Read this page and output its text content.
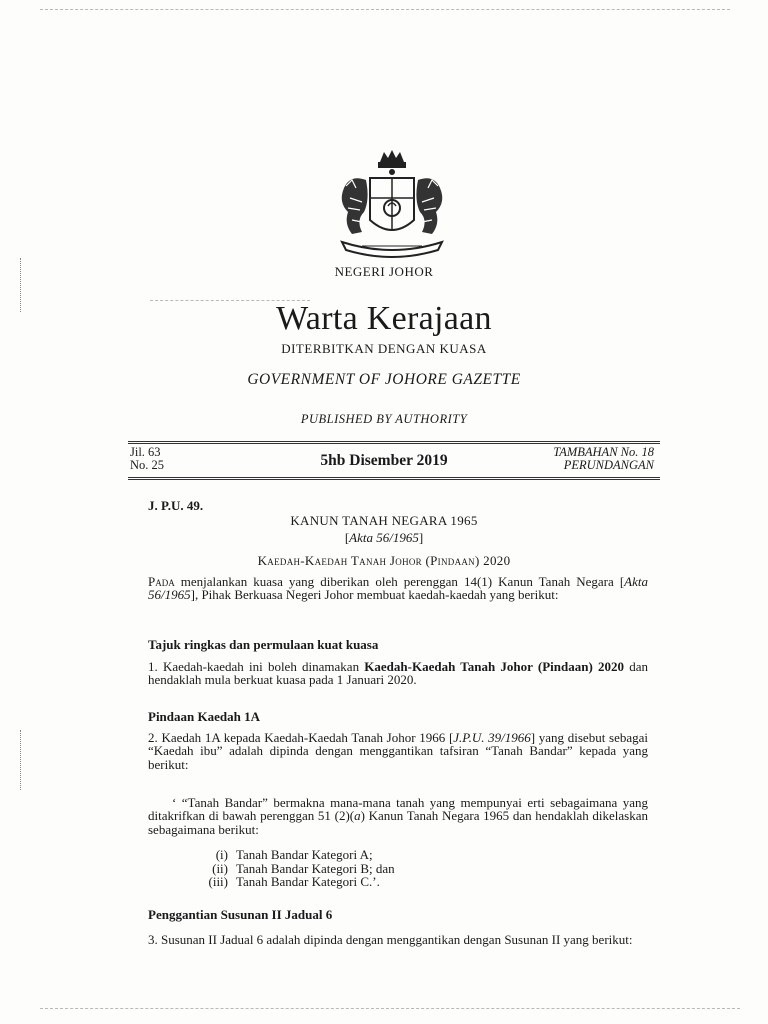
NEGERI JOHOR
Warta Kerajaan
DITERBITKAN DENGAN KUASA
GOVERNMENT OF JOHORE GAZETTE
PUBLISHED BY AUTHORITY
Jil. 63
No. 25	5hb Disember 2019	TAMBAHAN No. 18
PERUNDANGAN
J. P.U. 49.
KANUN TANAH NEGARA 1965
[Akta 56/1965]
Kaedah-Kaedah Tanah Johor (Pindaan) 2020
Pada menjalankan kuasa yang diberikan oleh perenggan 14(1) Kanun Tanah Negara [Akta 56/1965], Pihak Berkuasa Negeri Johor membuat kaedah-kaedah yang berikut:
Tajuk ringkas dan permulaan kuat kuasa
1. Kaedah-kaedah ini boleh dinamakan Kaedah-Kaedah Tanah Johor (Pindaan) 2020 dan hendaklah mula berkuat kuasa pada 1 Januari 2020.
Pindaan Kaedah 1A
2. Kaedah 1A kepada Kaedah-Kaedah Tanah Johor 1966 [J.P.U. 39/1966] yang disebut sebagai “Kaedah ibu” adalah dipinda dengan menggantikan tafsiran “Tanah Bandar” kepada yang berikut:
‘ “Tanah Bandar” bermakna mana-mana tanah yang mempunyai erti sebagaimana yang ditakrifkan di bawah perenggan 51 (2)(a) Kanun Tanah Negara 1965 dan hendaklah dikelaskan sebagaimana berikut:
(i) Tanah Bandar Kategori A;
(ii) Tanah Bandar Kategori B; dan
(iii) Tanah Bandar Kategori C.’.
Penggantian Susunan II Jadual 6
3. Susunan II Jadual 6 adalah dipinda dengan menggantikan dengan Susunan II yang berikut:
